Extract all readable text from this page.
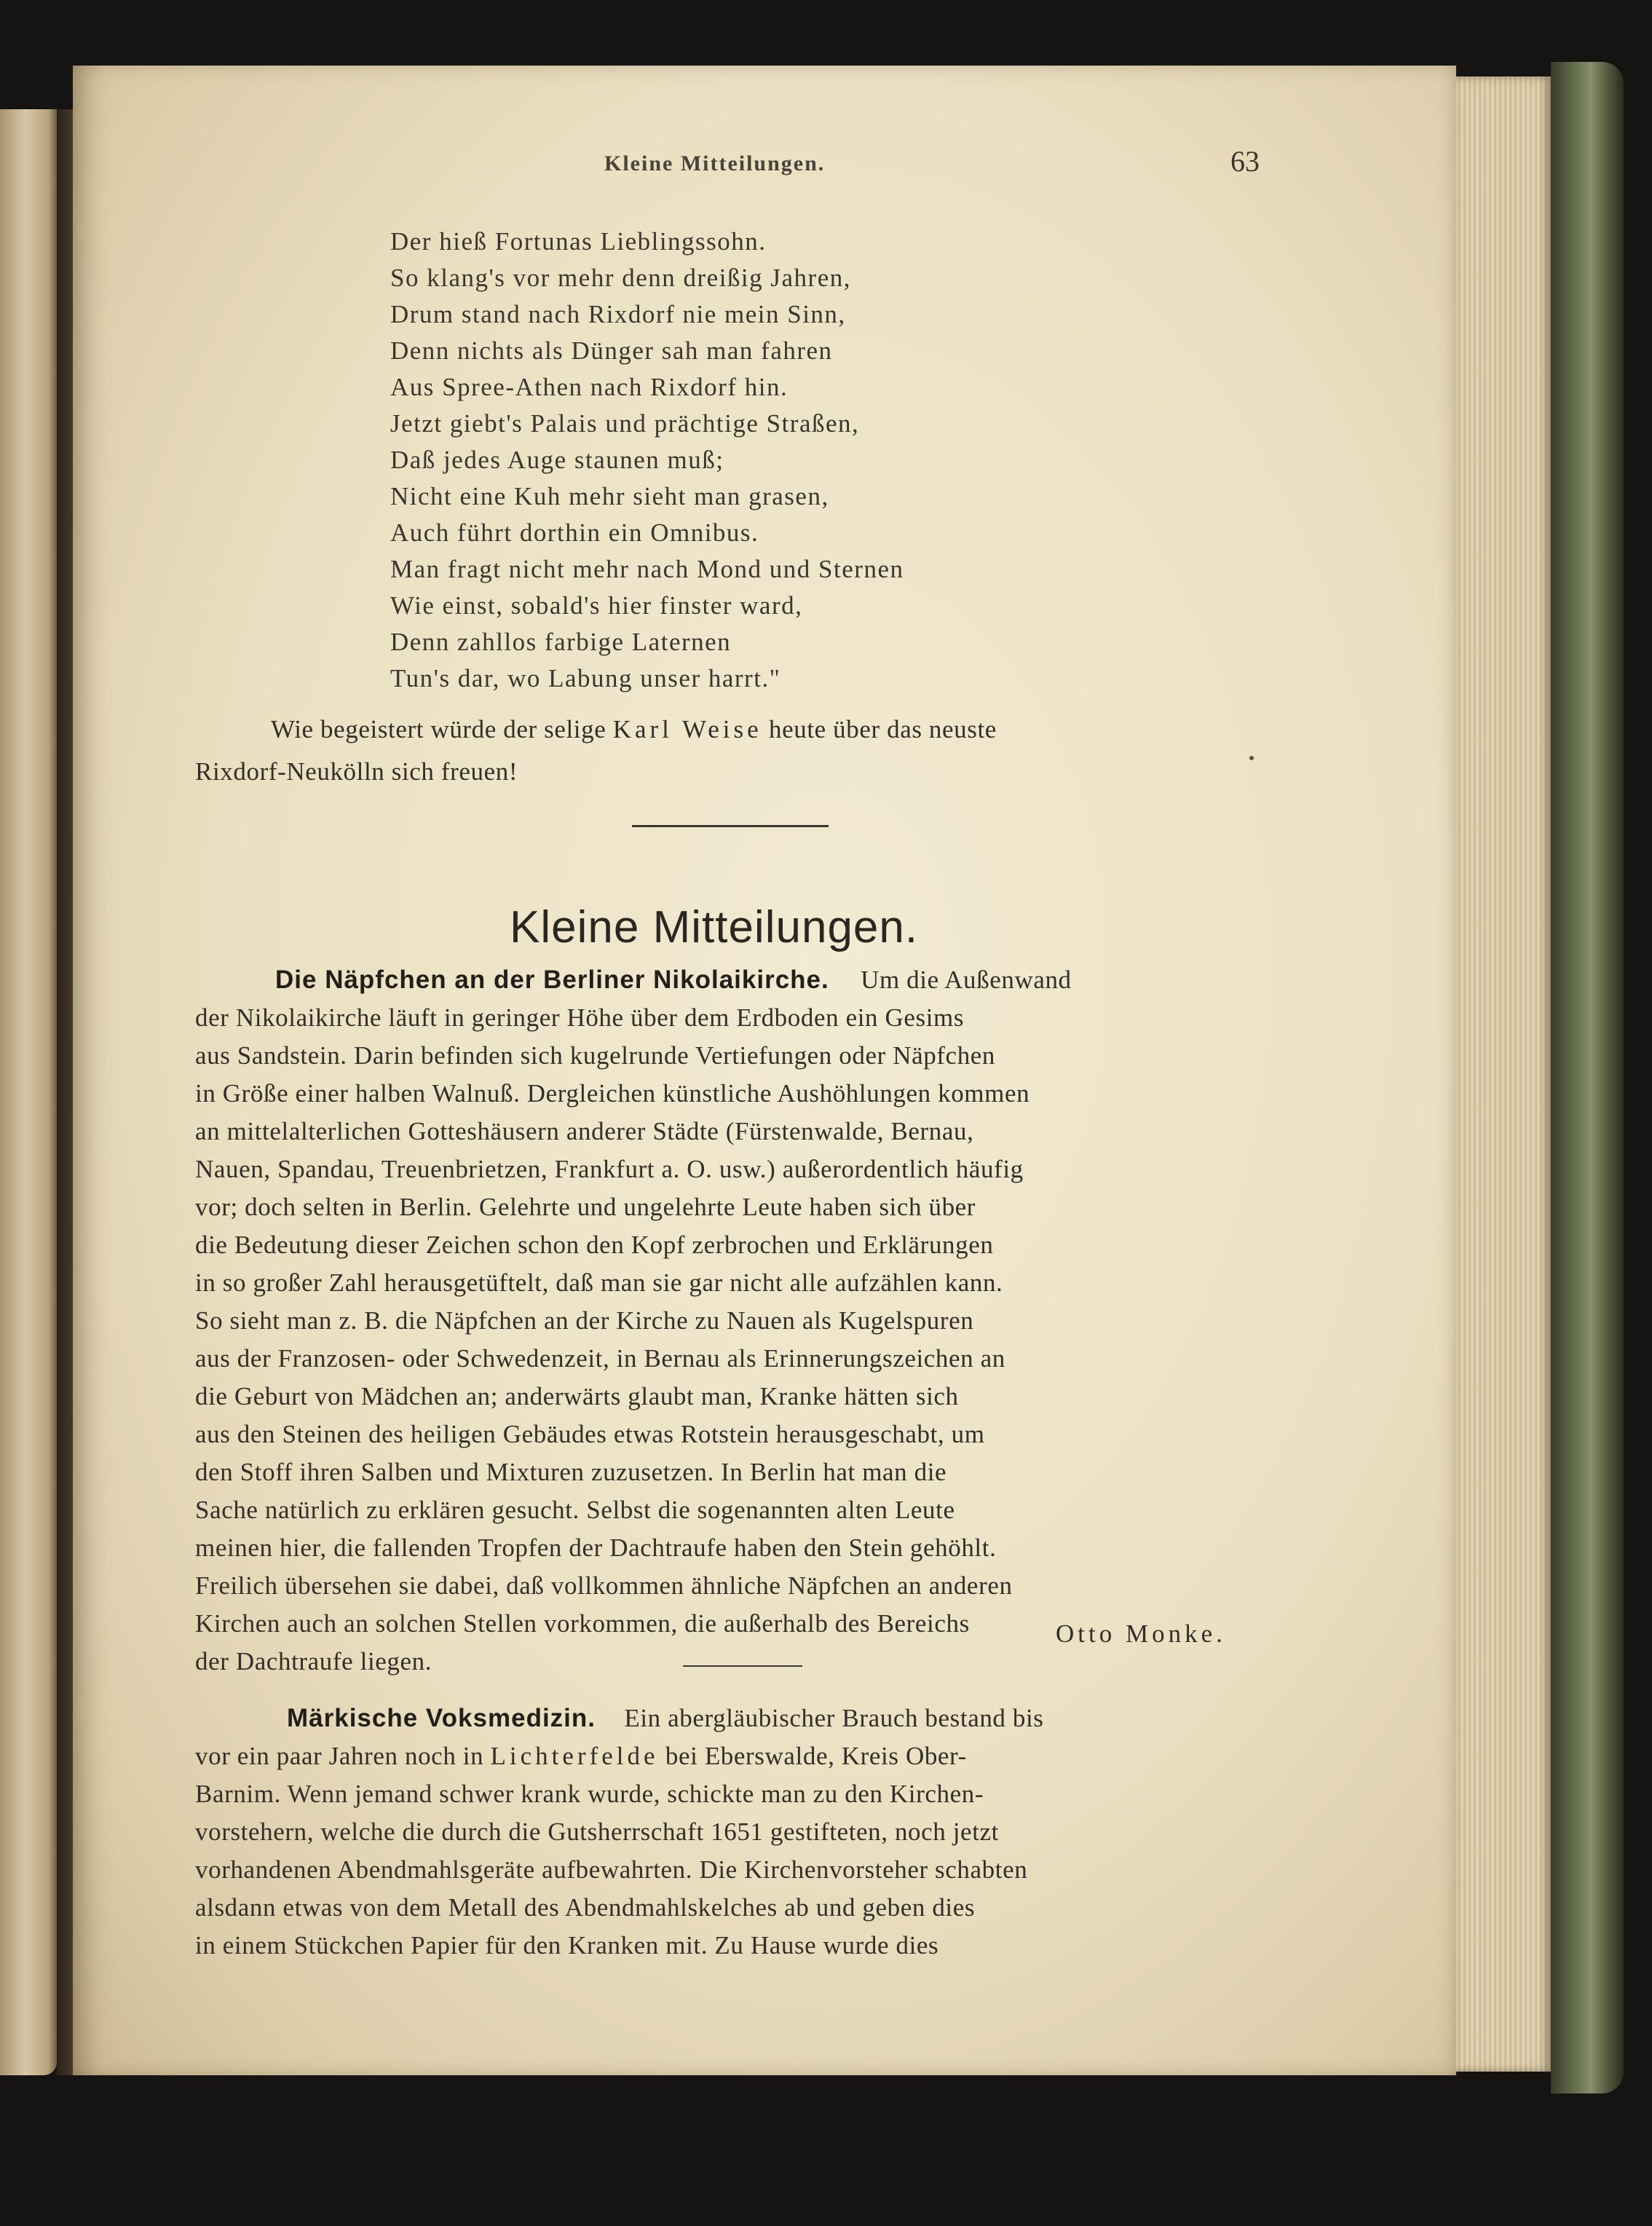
Kleine Mitteilungen.	63
Der hieß Fortunas Lieblingssohn.
So klang's vor mehr denn dreißig Jahren,
Drum stand nach Rixdorf nie mein Sinn,
Denn nichts als Dünger sah man fahren
Aus Spree-Athen nach Rixdorf hin.
Jetzt giebt's Palais und prächtige Straßen,
Daß jedes Auge staunen muß;
Nicht eine Kuh mehr sieht man grasen,
Auch führt dorthin ein Omnibus.
Man fragt nicht mehr nach Mond und Sternen
Wie einst, sobald's hier finster ward,
Denn zahllos farbige Laternen
Tun's dar, wo Labung unser harrt."
Wie begeistert würde der selige Karl Weise heute über das neuste
Rixdorf-Neukölln sich freuen!
Kleine Mitteilungen.
Die Näpfchen an der Berliner Nikolaikirche. Um die Außenwand
der Nikolaikirche läuft in geringer Höhe über dem Erdboden ein Gesims
aus Sandstein. Darin befinden sich kugelrunde Vertiefungen oder Näpfchen
in Größe einer halben Walnuß. Dergleichen künstliche Aushöhlungen kommen
an mittelalterlichen Gotteshäusern anderer Städte (Fürstenwalde, Bernau,
Nauen, Spandau, Treuenbrietzen, Frankfurt a. O. usw.) außerordentlich häufig
vor; doch selten in Berlin. Gelehrte und ungelehrte Leute haben sich über
die Bedeutung dieser Zeichen schon den Kopf zerbrochen und Erklärungen
in so großer Zahl herausgetüftelt, daß man sie gar nicht alle aufzählen kann.
So sieht man z. B. die Näpfchen an der Kirche zu Nauen als Kugelspuren
aus der Franzosen- oder Schwedenzeit, in Bernau als Erinnerungszeichen an
die Geburt von Mädchen an; anderwärts glaubt man, Kranke hätten sich
aus den Steinen des heiligen Gebäudes etwas Rotstein herausgeschabt, um
den Stoff ihren Salben und Mixturen zuzusetzen. In Berlin hat man die
Sache natürlich zu erklären gesucht. Selbst die sogenannten alten Leute
meinen hier, die fallenden Tropfen der Dachtraufe haben den Stein gehöhlt.
Freilich übersehen sie dabei, daß vollkommen ähnliche Näpfchen an anderen
Kirchen auch an solchen Stellen vorkommen, die außerhalb des Bereichs
der Dachtraufe liegen.
Otto Monke.
Märkische Voksmedizin. Ein abergläubischer Brauch bestand bis
vor ein paar Jahren noch in Lichterfelde bei Eberswalde, Kreis Ober-
Barnim. Wenn jemand schwer krank wurde, schickte man zu den Kirchen-
vorstehern, welche die durch die Gutsherrschaft 1651 gestifteten, noch jetzt
vorhandenen Abendmahlsgeräte aufbewahrten. Die Kirchenvorsteher schabten
alsdann etwas von dem Metall des Abendmahlskelches ab und geben dies
in einem Stückchen Papier für den Kranken mit. Zu Hause wurde dies
